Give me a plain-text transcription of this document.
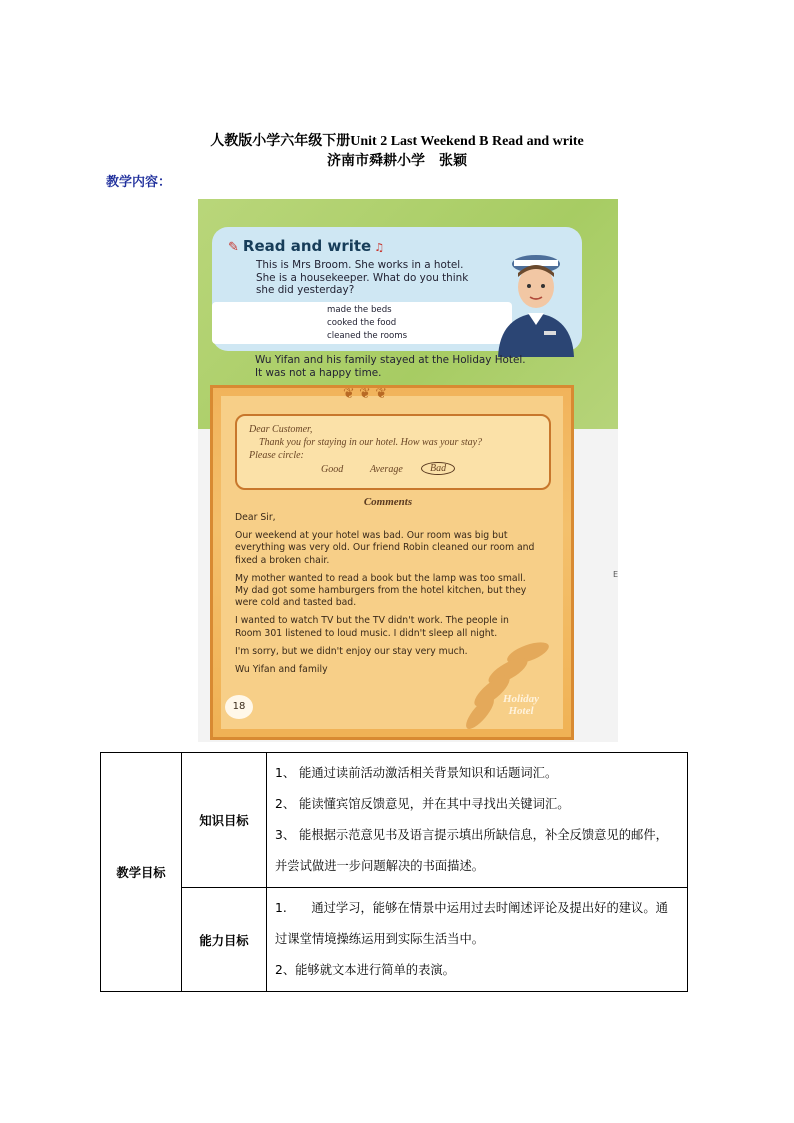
人教版小学六年级下册Unit 2 Last Weekend B Read and write
济南市舜耕小学　张颖
教学内容：
✎ Read and write ♫
This is Mrs Broom. She works in a hotel.
She is a housekeeper. What do you think
she did yesterday?
made the beds
cooked the food
cleaned the rooms
Wu Yifan and his family stayed at the Holiday Hotel.
It was not a happy time.
❦ ❦ ❦
Dear Customer,
Thank you for staying in our hotel. How was your stay?
Please circle:
Good	Average	Bad
Comments
Dear Sir,
Our weekend at your hotel was bad. Our room was big but
everything was very old. Our friend Robin cleaned our room and
fixed a broken chair.
My mother wanted to read a book but the lamp was too small.
My dad got some hamburgers from the hotel kitchen, but they
were cold and tasted bad.
I wanted to watch TV but the TV didn't work. The people in
Room 301 listened to loud music. I didn't sleep all night.
I'm sorry, but we didn't enjoy our stay very much.
Wu Yifan and family
18
Holiday
Hotel
E
教学目标	知识目标	1、 能通过读前活动激活相关背景知识和话题词汇。
2、 能读懂宾馆反馈意见，并在其中寻找出关键词汇。
3、 能根据示范意见书及语言提示填出所缺信息，补全反馈意见的邮件，并尝试做进一步问题解决的书面描述。

	能力目标	1.　　通过学习，能够在情景中运用过去时阐述评论及提出好的建议。通过课堂情境操练运用到实际生活当中。
2、能够就文本进行简单的表演。
